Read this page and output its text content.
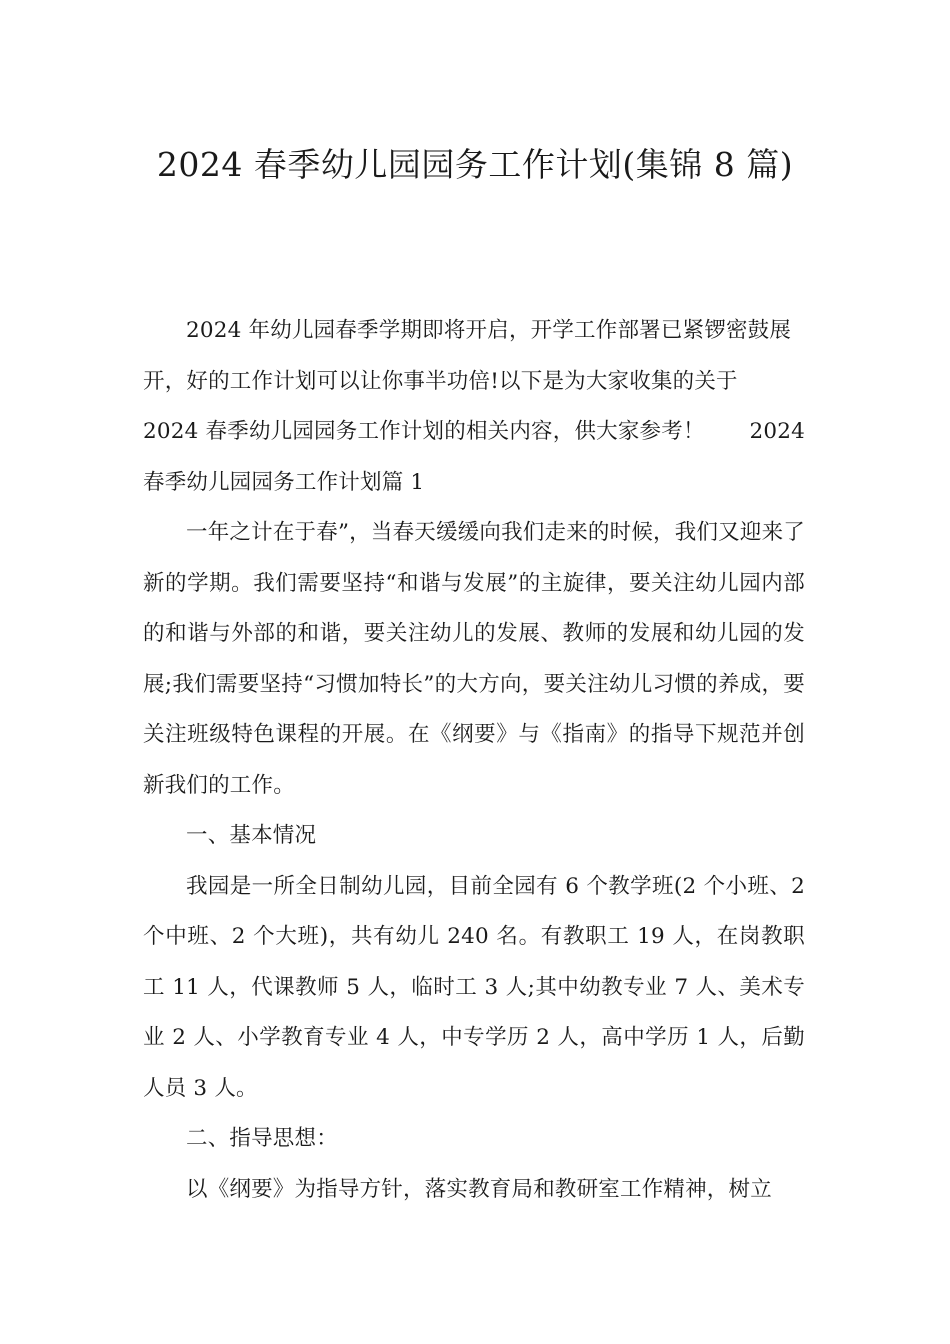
2024 春季幼儿园园务工作计划(集锦 8 篇)

2024 年幼儿园春季学期即将开启，开学工作部署已紧锣密鼓展
开，好的工作计划可以让你事半功倍!以下是为大家收集的关于
2024 春季幼儿园园务工作计划的相关内容，供大家参考！ 2024
春季幼儿园园务工作计划篇 1

一年之计在于春”，当春天缓缓向我们走来的时候，我们又迎来了新的学期。我们需要坚持“和谐与发展”的主旋律，要关注幼儿园内部的和谐与外部的和谐，要关注幼儿的发展、教师的发展和幼儿园的发展;我们需要坚持“习惯加特长”的大方向，要关注幼儿习惯的养成，要关注班级特色课程的开展。在《纲要》与《指南》的指导下规范并创新我们的工作。

一、基本情况

我园是一所全日制幼儿园，目前全园有 6 个教学班(2 个小班、2 个中班、2 个大班)，共有幼儿 240 名。有教职工 19 人，在岗教职工 11 人，代课教师 5 人，临时工 3 人;其中幼教专业 7 人、美术专业 2 人、小学教育专业 4 人，中专学历 2 人，高中学历 1 人，后勤人员 3 人。

二、指导思想：

以《纲要》为指导方针，落实教育局和教研室工作精神，树立
